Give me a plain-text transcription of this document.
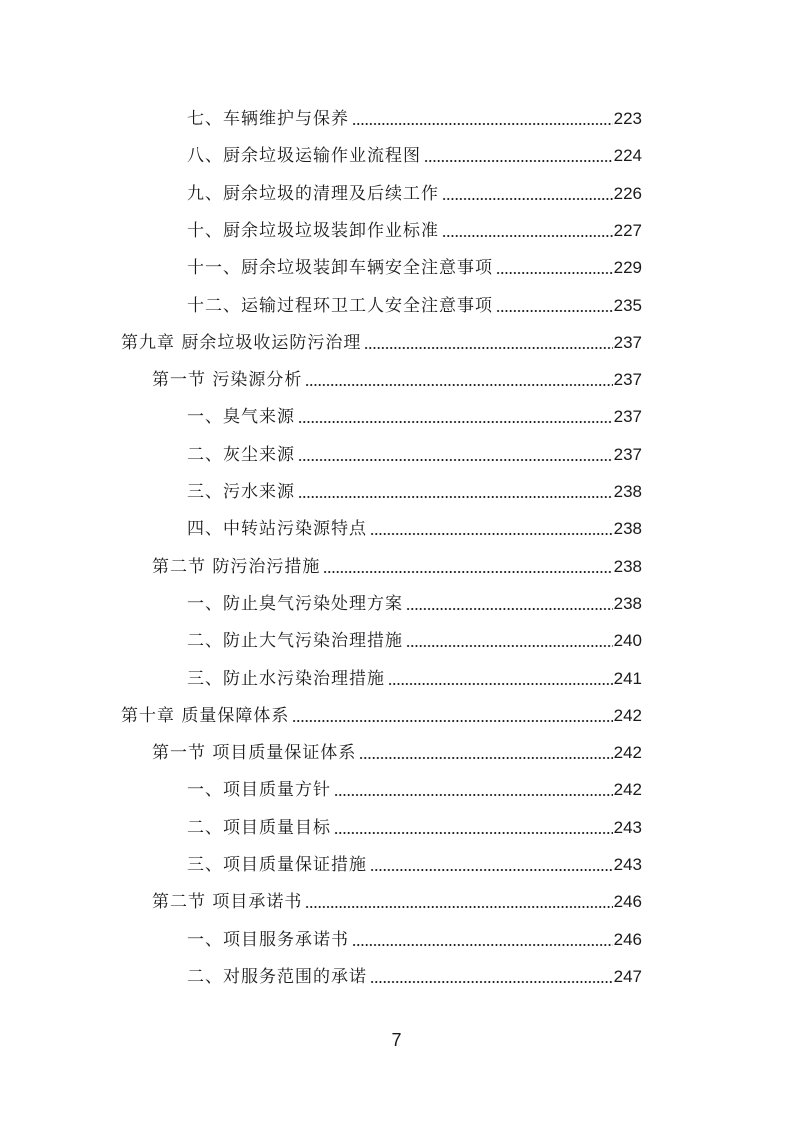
七、车辆维护与保养	223
八、厨余垃圾运输作业流程图	224
九、厨余垃圾的清理及后续工作	226
十、厨余垃圾垃圾装卸作业标准	227
十一、厨余垃圾装卸车辆安全注意事项	229
十二、运输过程环卫工人安全注意事项	235
第九章 厨余垃圾收运防污治理	237
第一节 污染源分析	237
一、臭气来源	237
二、灰尘来源	237
三、污水来源	238
四、中转站污染源特点	238
第二节 防污治污措施	238
一、防止臭气污染处理方案	238
二、防止大气污染治理措施	240
三、防止水污染治理措施	241
第十章 质量保障体系	242
第一节 项目质量保证体系	242
一、项目质量方针	242
二、项目质量目标	243
三、项目质量保证措施	243
第二节 项目承诺书	246
一、项目服务承诺书	246
二、对服务范围的承诺	247
7
